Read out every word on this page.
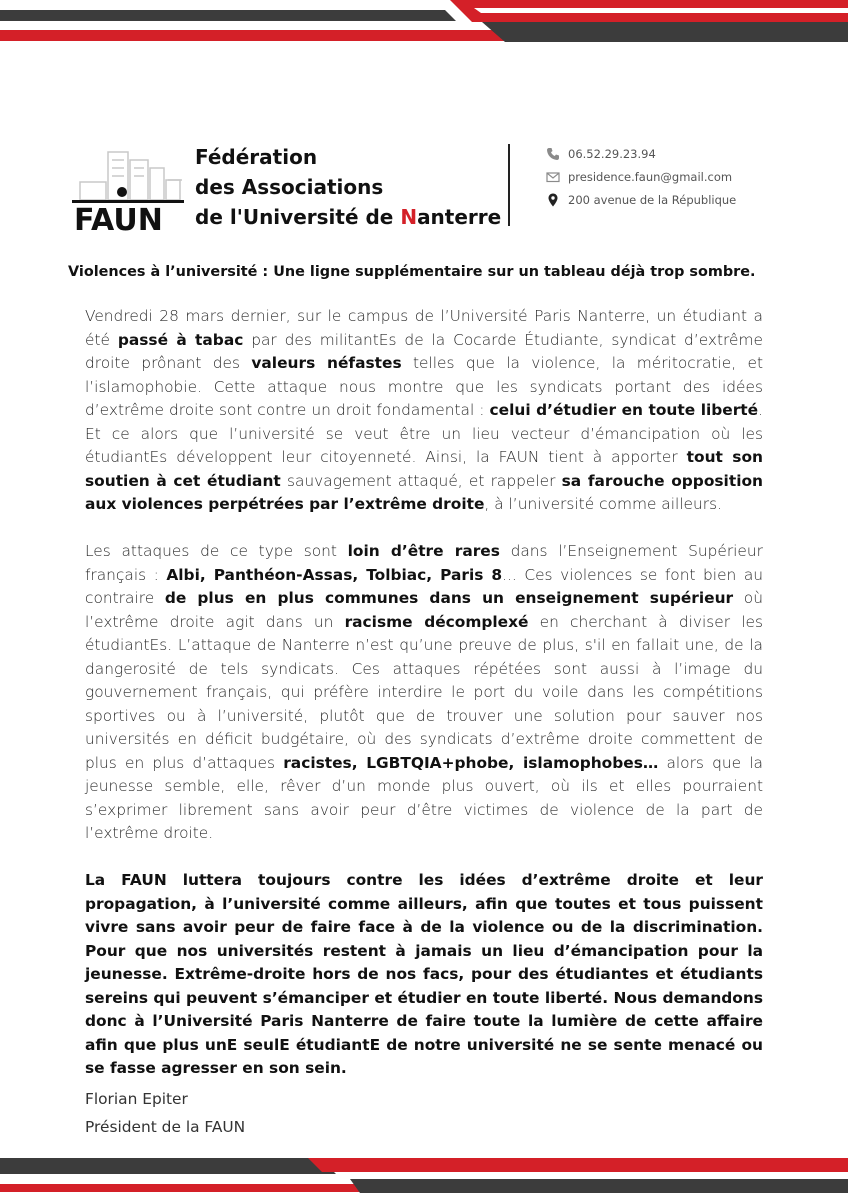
FAUN
Fédération
des Associations
de l'Université de Nanterre
06.52.29.23.94
presidence.faun@gmail.com
200 avenue de la République
Violences à l’université : Une ligne supplémentaire sur un tableau déjà trop sombre.

Vendredi 28 mars dernier, sur le campus de l’Université Paris Nanterre, un étudiant a été passé à tabac par des militantEs de la Cocarde Étudiante, syndicat d’extrême droite prônant des valeurs néfastes telles que la violence, la méritocratie, et l’islamophobie. Cette attaque nous montre que les syndicats portant des idées d’extrême droite sont contre un droit fondamental : celui d’étudier en toute liberté. Et ce alors que l’université se veut être un lieu vecteur d’émancipation où les étudiantEs développent leur citoyenneté. Ainsi, la FAUN tient à apporter tout son soutien à cet étudiant sauvagement attaqué, et rappeler sa farouche opposition aux violences perpétrées par l’extrême droite, à l’université comme ailleurs.

Les attaques de ce type sont loin d’être rares dans l’Enseignement Supérieur français : Albi, Panthéon-Assas, Tolbiac, Paris 8... Ces violences se font bien au contraire de plus en plus communes dans un enseignement supérieur où l’extrême droite agit dans un racisme décomplexé en cherchant à diviser les étudiantEs. L’attaque de Nanterre n’est qu’une preuve de plus, s'il en fallait une, de la dangerosité de tels syndicats. Ces attaques répétées sont aussi à l’image du gouvernement français, qui préfère interdire le port du voile dans les compétitions sportives ou à l’université, plutôt que de trouver une solution pour sauver nos universités en déficit budgétaire, où des syndicats d’extrême droite commettent de plus en plus d’attaques racistes, LGBTQIA+phobe, islamophobes… alors que la jeunesse semble, elle, rêver d’un monde plus ouvert, où ils et elles pourraient s’exprimer librement sans avoir peur d’être victimes de violence de la part de l’extrême droite.

La FAUN luttera toujours contre les idées d’extrême droite et leur propagation, à l’université comme ailleurs, afin que toutes et tous puissent vivre sans avoir peur de faire face à de la violence ou de la discrimination. Pour que nos universités restent à jamais un lieu d’émancipation pour la jeunesse. Extrême-droite hors de nos facs, pour des étudiantes et étudiants sereins qui peuvent s’émanciper et étudier en toute liberté. Nous demandons donc à l’Université Paris Nanterre de faire toute la lumière de cette affaire afin que plus unE seulE étudiantE de notre université ne se sente menacé ou se fasse agresser en son sein.

Florian Epiter
Président de la FAUN
